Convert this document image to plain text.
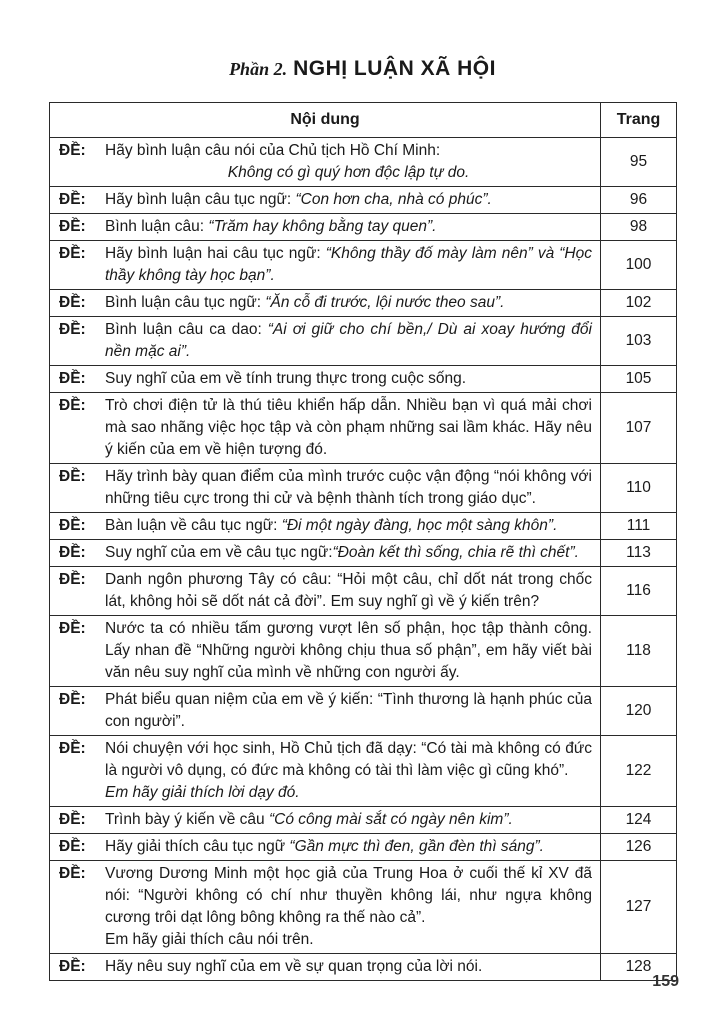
Phần 2. NGHỊ LUẬN XÃ HỘI
Nội dung	Trang

ĐỀ: Hãy bình luận câu nói của Chủ tịch Hồ Chí Minh:
Không có gì quý hơn độc lập tự do.	95

ĐỀ: Hãy bình luận câu tục ngữ: “Con hơn cha, nhà có phúc”.	96

ĐỀ: Bình luận câu: “Trăm hay không bằng tay quen”.	98

ĐỀ: Hãy bình luận hai câu tục ngữ: “Không thầy đố mày làm nên” và “Học thầy không tày học bạn”.	100

ĐỀ: Bình luận câu tục ngữ: “Ăn cỗ đi trước, lội nước theo sau”.	102

ĐỀ: Bình luận câu ca dao: “Ai ơi giữ cho chí bền,/ Dù ai xoay hướng đổi nền mặc ai”.	103

ĐỀ: Suy nghĩ của em về tính trung thực trong cuộc sống.	105

ĐỀ: Trò chơi điện tử là thú tiêu khiển hấp dẫn. Nhiều bạn vì quá mải chơi mà sao nhãng việc học tập và còn phạm những sai lầm khác. Hãy nêu ý kiến của em về hiện tượng đó.	107

ĐỀ: Hãy trình bày quan điểm của mình trước cuộc vận động “nói không với những tiêu cực trong thi cử và bệnh thành tích trong giáo dục”.	110

ĐỀ: Bàn luận về câu tục ngữ: “Đi một ngày đàng, học một sàng khôn”.	111

ĐỀ: Suy nghĩ của em về câu tục ngữ:“Đoàn kết thì sống, chia rẽ thì chết”.	113

ĐỀ: Danh ngôn phương Tây có câu: “Hỏi một câu, chỉ dốt nát trong chốc lát, không hỏi sẽ dốt nát cả đời”. Em suy nghĩ gì về ý kiến trên?	116

ĐỀ: Nước ta có nhiều tấm gương vượt lên số phận, học tập thành công. Lấy nhan đề “Những người không chịu thua số phận”, em hãy viết bài văn nêu suy nghĩ của mình về những con người ấy.	118

ĐỀ: Phát biểu quan niệm của em về ý kiến: “Tình thương là hạnh phúc của con người”.	120

ĐỀ: Nói chuyện với học sinh, Hồ Chủ tịch đã dạy: “Có tài mà không có đức là người vô dụng, có đức mà không có tài thì làm việc gì cũng khó”.
Em hãy giải thích lời dạy đó.	122

ĐỀ: Trình bày ý kiến về câu “Có công mài sắt có ngày nên kim”.	124

ĐỀ: Hãy giải thích câu tục ngữ “Gần mực thì đen, gần đèn thì sáng”.	126

ĐỀ: Vương Dương Minh một học giả của Trung Hoa ở cuối thế kỉ XV đã nói: “Người không có chí như thuyền không lái, như ngựa không cương trôi dạt lông bông không ra thế nào cả”.
Em hãy giải thích câu nói trên.	127

ĐỀ: Hãy nêu suy nghĩ của em về sự quan trọng của lời nói.	128
159
